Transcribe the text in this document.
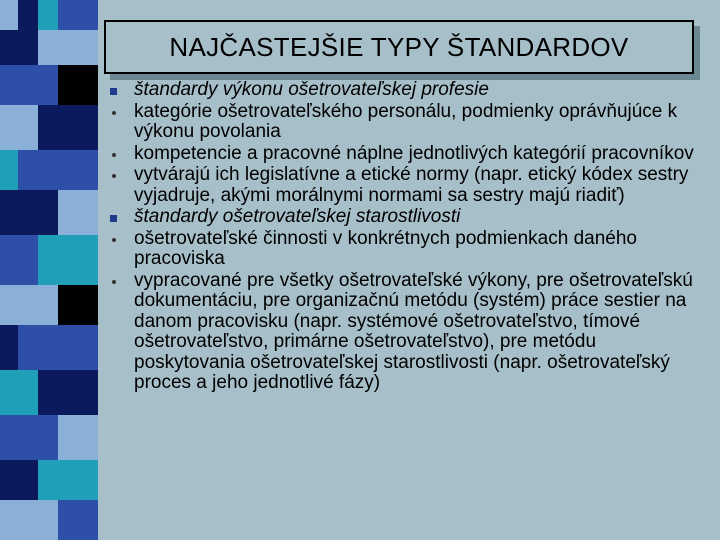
NAJČASTEJŠIE TYPY ŠTANDARDOV
štandardy výkonu ošetrovateľskej profesie
kategórie ošetrovateľského personálu, podmienky oprávňujúce k výkonu povolania
kompetencie a pracovné náplne jednotlivých kategórií pracovníkov
vytvárajú ich legislatívne a etické normy (napr. etický kódex sestry vyjadruje, akými morálnymi normami sa sestry majú riadiť)
štandardy ošetrovateľskej starostlivosti
ošetrovateľské činnosti v konkrétnych podmienkach daného pracoviska
vypracované pre všetky ošetrovateľské výkony, pre ošetrovateľskú dokumentáciu, pre organizačnú metódu (systém) práce sestier na danom pracovisku (napr. systémové ošetrovateľstvo, tímové ošetrovateľstvo, primárne ošetrovateľstvo), pre metódu poskytovania ošetrovateľskej starostlivosti (napr. ošetrovateľský proces a jeho jednotlivé fázy)
